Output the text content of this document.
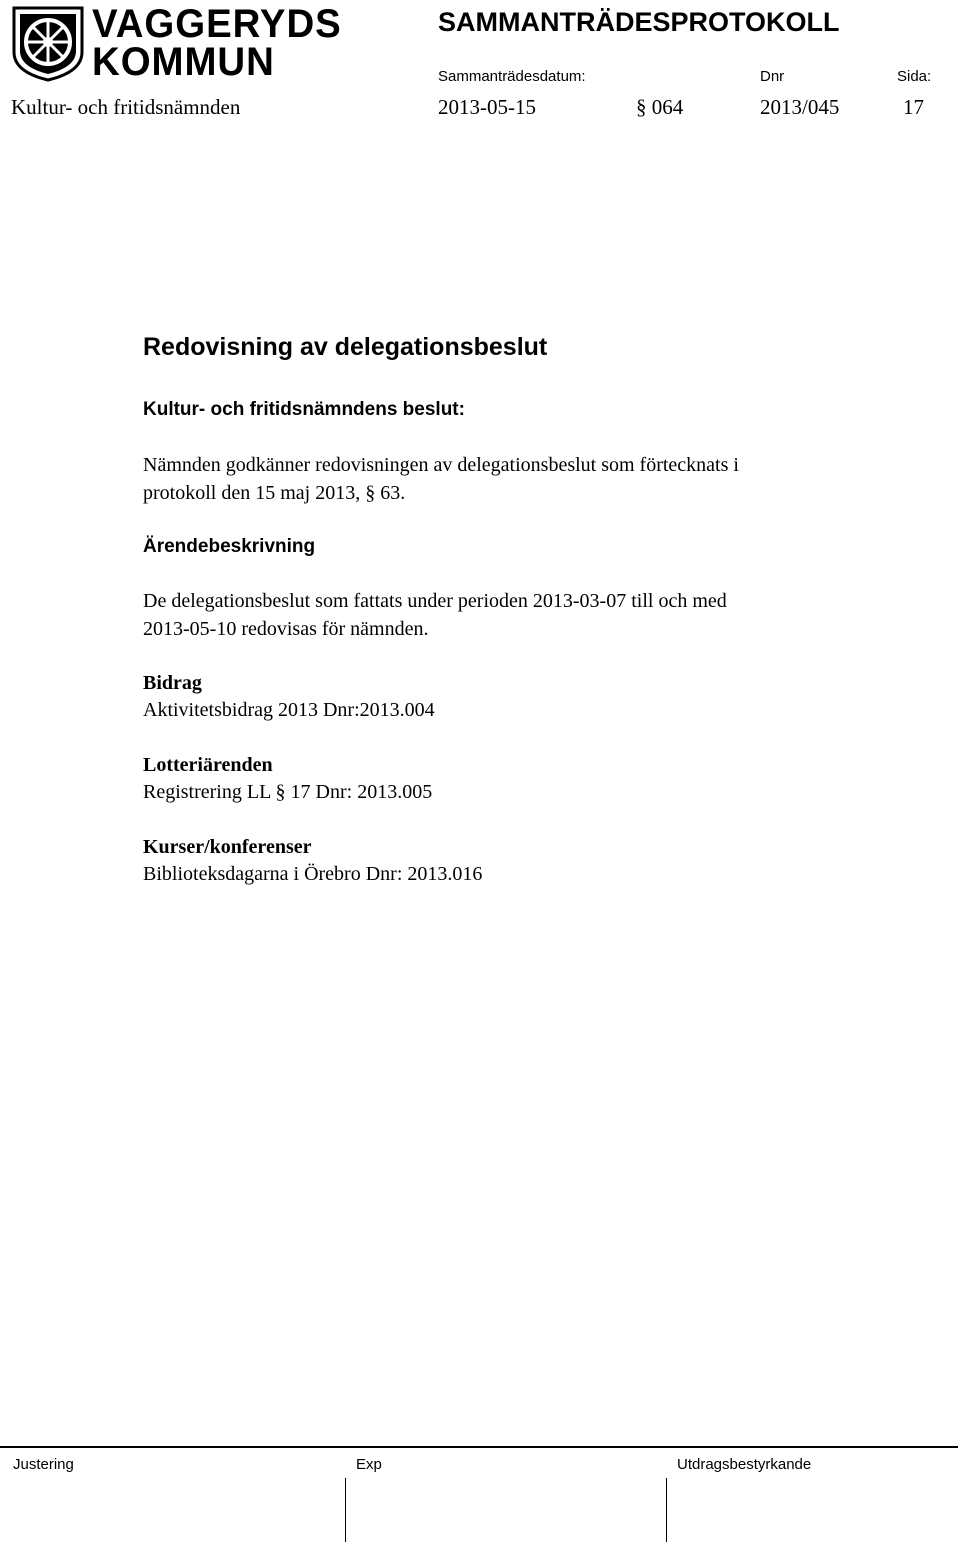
VAGGERYDS
KOMMUN
SAMMANTRÄDESPROTOKOLL
Sammanträdesdatum:	Dnr	Sida:
Kultur- och fritidsnämnden	2013-05-15	§ 064	2013/045	17
Redovisning av delegationsbeslut
Kultur- och fritidsnämndens beslut:
Nämnden godkänner redovisningen av delegationsbeslut som förtecknats i
protokoll den 15 maj 2013, § 63.
Ärendebeskrivning
De delegationsbeslut som fattats under perioden 2013-03-07 till och med
2013-05-10 redovisas för nämnden.
Bidrag
Aktivitetsbidrag 2013 Dnr:2013.004
Lotteriärenden
Registrering LL § 17 Dnr: 2013.005
Kurser/konferenser
Biblioteksdagarna i Örebro Dnr: 2013.016
Justering	Exp	Utdragsbestyrkande
